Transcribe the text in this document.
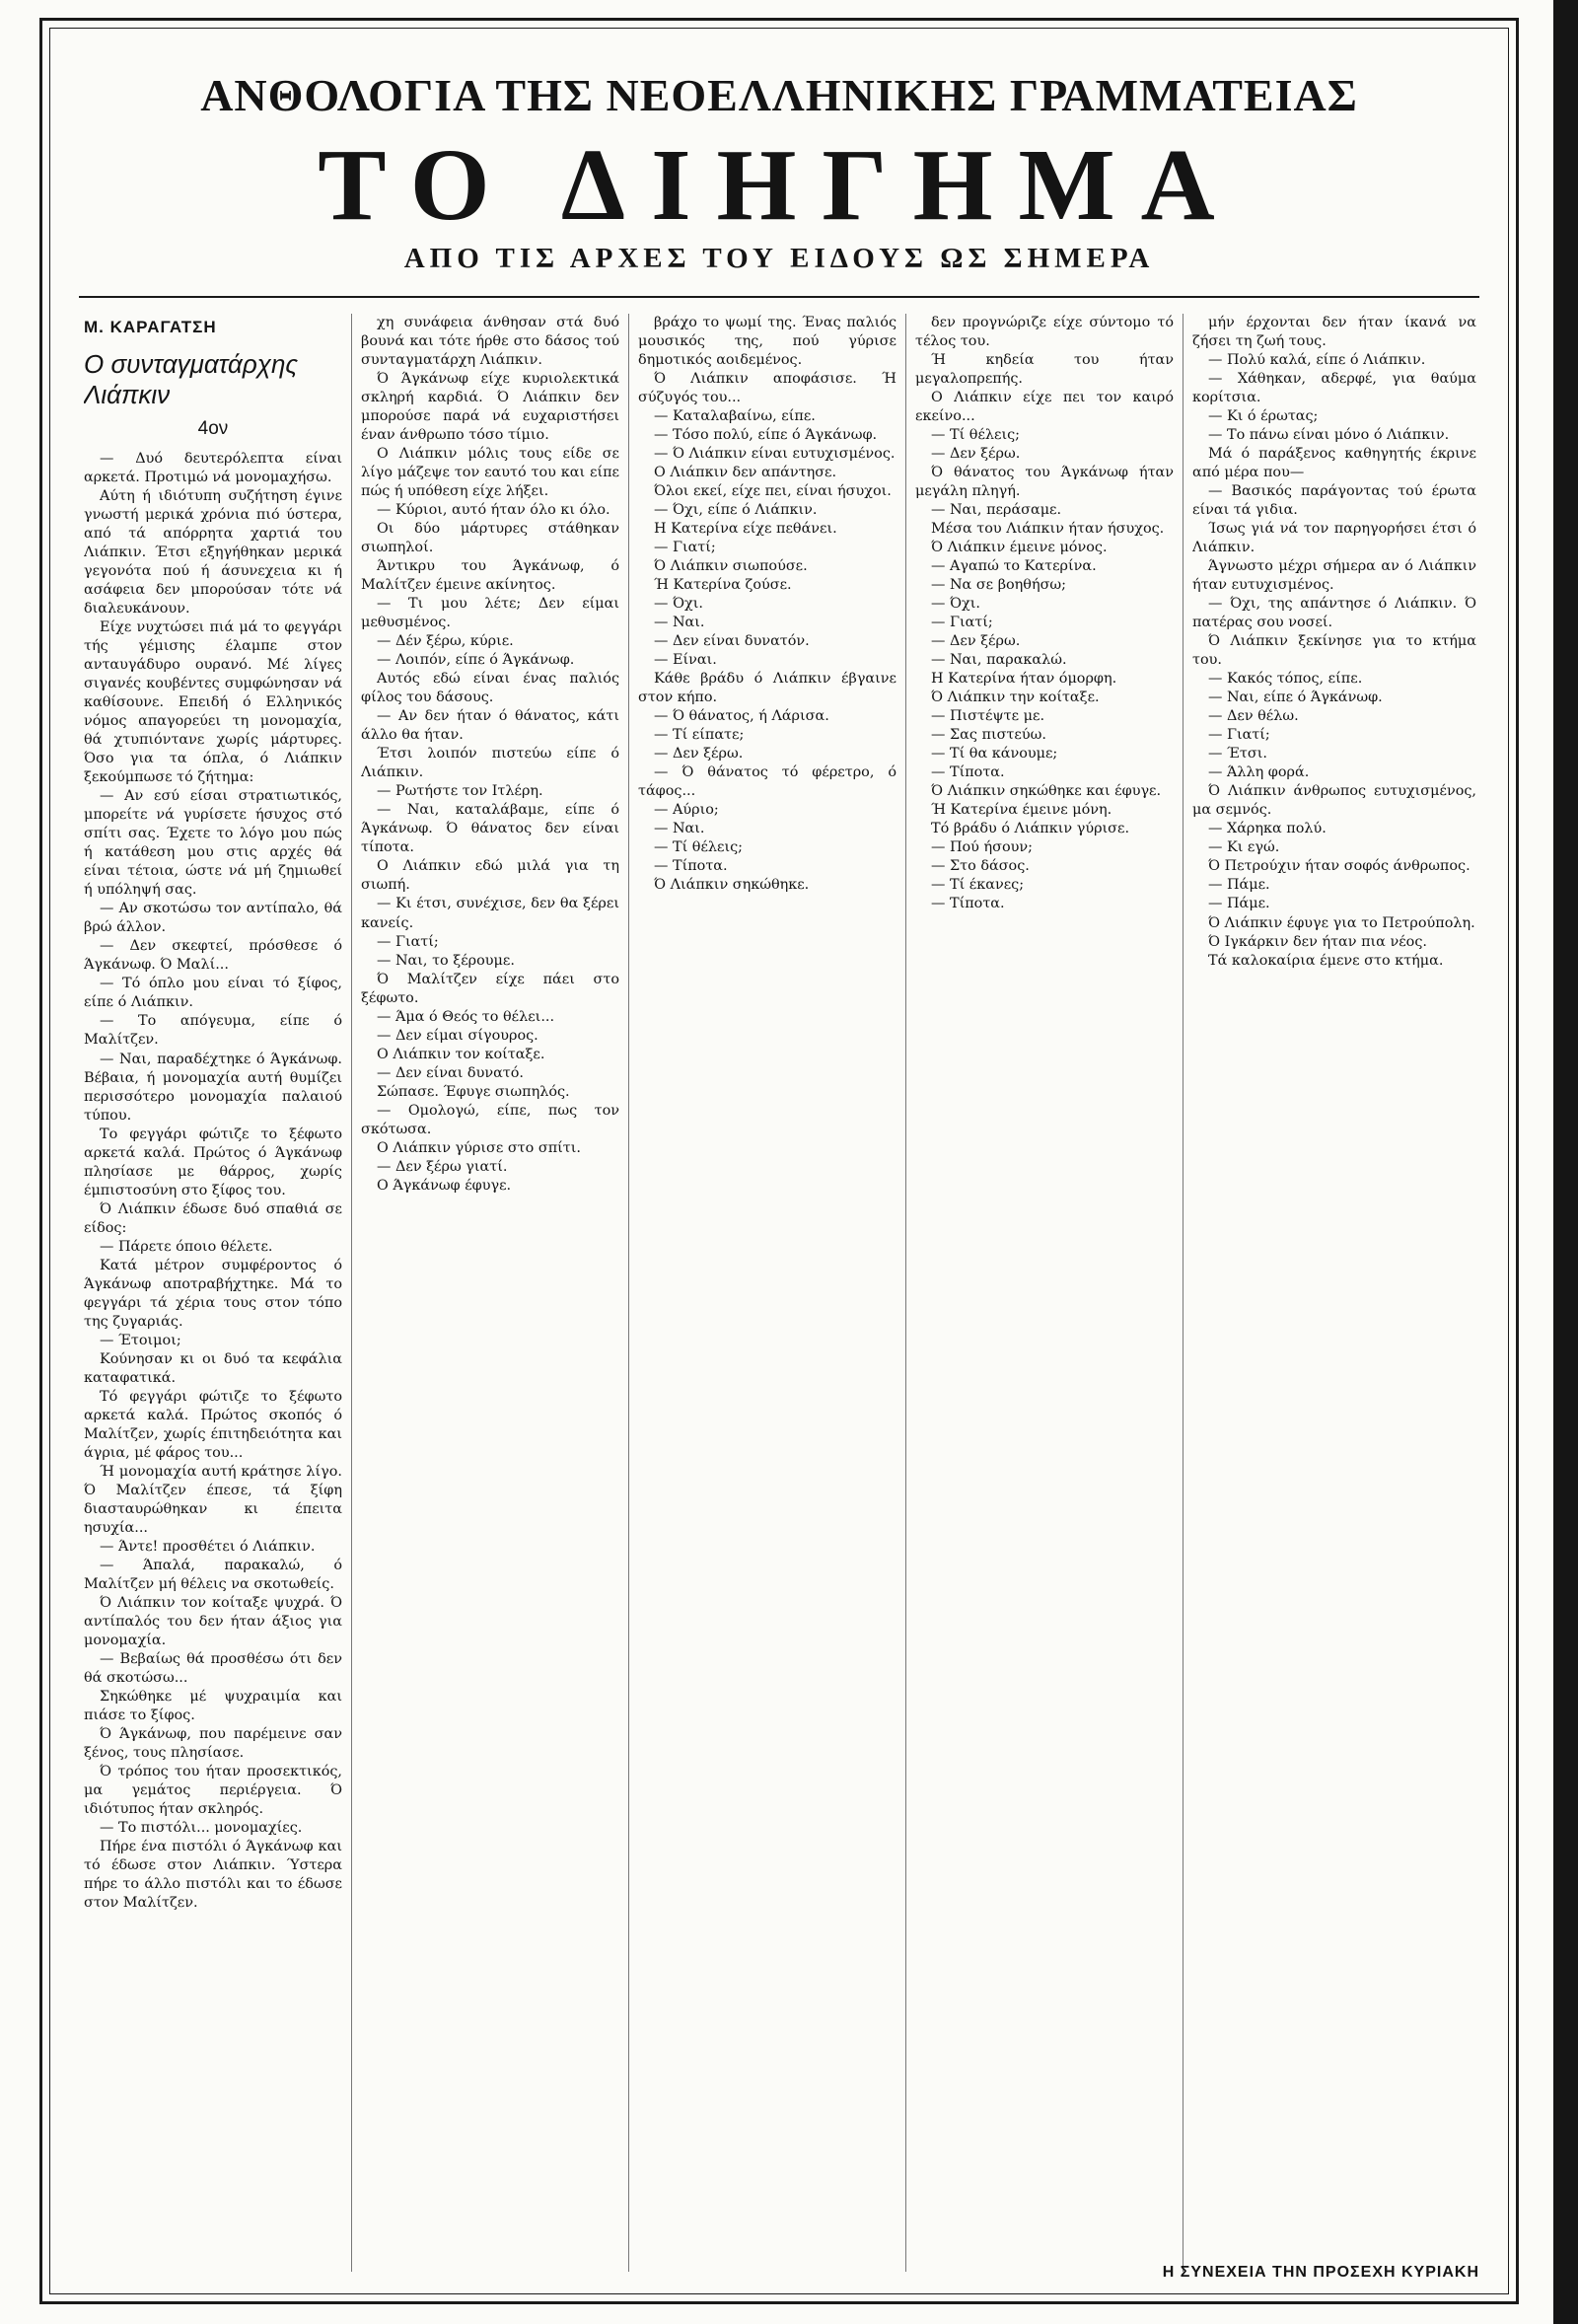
ΑΝΘΟΛΟΓΙΑ ΤΗΣ ΝΕΟΕΛΛΗΝΙΚΗΣ ΓΡΑΜΜΑΤΕΙΑΣ
ΤΟ ΔΙΗΓΗΜΑ
ΑΠΟ ΤΙΣ ΑΡΧΕΣ ΤΟΥ ΕΙΔΟΥΣ ΩΣ ΣΗΜΕΡΑ
Μ. ΚΑΡΑΓΑΤΣΗ
Ο συνταγματάρχης Λιάπκιν
4ον

— Δυό δευτερόλεπτα είναι αρκετά. Προτιμώ νά μονομαχήσω.

Αύτη ή ιδιότυπη συζήτηση έγινε γνωστή μερικά χρόνια πιό ύστερα, από τά απόρρητα χαρτιά του Λιάπκιν. Έτσι εξηγήθηκαν μερικά γεγονότα πού ή άσυνεχεια κι ή ασάφεια δεν μπορούσαν τότε νά διαλευκάνουν.

Είχε νυχτώσει πιά μά το φεγγάρι τής γέμισης έλαμπε στον ανταυγάδυρο ουρανό. Μέ λίγες σιγανές κουβέντες συμφώνησαν νά καθίσουνε. Επειδή ό Ελληνικός νόμος απαγορεύει τη μονομαχία, θά χτυπιόντανε χωρίς μάρτυρες. Όσο για τα όπλα, ό Λιάπκιν ξεκούμπωσε τό ζήτημα:

— Αν εσύ είσαι στρατιωτικός, μπορείτε νά γυρίσετε ήσυχος στό σπίτι σας. Έχετε το λόγο μου πώς ή κατάθεση μου στις αρχές θά είναι τέτοια, ώστε νά μή ζημιωθεί ή υπόληψή σας.

— Αν σκοτώσω τον αντίπαλο, θά βρώ άλλον.

— Δεν σκεφτεί, πρόσθεσε ό Άγκάνωφ. Ό Μαλί...

— Τό όπλο μου είναι τό ξίφος, είπε ό Λιάπκιν.

— Το απόγευμα, είπε ό Μαλίτζεν.

— Ναι, παραδέχτηκε ό Άγκάνωφ. Βέβαια, ή μονομαχία αυτή θυμίζει περισσότερο μονομαχία παλαιού τύπου.

Το φεγγάρι φώτιζε το ξέφωτο αρκετά καλά. Πρώτος ό Άγκάνωφ πλησίασε με θάρρος, χωρίς έμπιστοσύνη στο ξίφος του.

Ό Λιάπκιν έδωσε δυό σπαθιά σε είδος:

— Πάρετε όποιο θέλετε.

Κατά μέτρον συμφέροντος ό Άγκάνωφ αποτραβήχτηκε. Μά το φεγγάρι τά χέρια τους στον τόπο της ζυγαριάς.

— Έτοιμοι;

Κούνησαν κι οι δυό τα κεφάλια καταφατικά.

Τό φεγγάρι φώτιζε το ξέφωτο αρκετά καλά. Πρώτος σκοπός ό Μαλίτζεν, χωρίς έπιτηδειότητα και άγρια, μέ φάρος του...

Ή μονομαχία αυτή κράτησε λίγο. Ό Μαλίτζεν έπεσε, τά ξίφη διασταυρώθηκαν κι έπειτα ησυχία...

— Άντε! προσθέτει ό Λιάπκιν.

— Άπαλά, παρακαλώ, ό Μαλίτζεν μή θέλεις να σκοτωθείς.

Ό Λιάπκιν τον κοίταξε ψυχρά. Ό αντίπαλός του δεν ήταν άξιος για μονομαχία.

— Βεβαίως θά προσθέσω ότι δεν θά σκοτώσω...

Σηκώθηκε μέ ψυχραιμία και πιάσε το ξίφος.

Ό Άγκάνωφ, που παρέμεινε σαν ξένος, τους πλησίασε.

Ό τρόπος του ήταν προσεκτικός, μα γεμάτος περιέργεια. Ό ιδιότυπος ήταν σκληρός.

— Το πιστόλι... μονομαχίες.

Πήρε ένα πιστόλι ό Άγκάνωφ και τό έδωσε στον Λιάπκιν. Ύστερα πήρε το άλλο πιστόλι και το έδωσε στον Μαλίτζεν.

χη συνάφεια άνθησαν στά δυό βουνά και τότε ήρθε στο δάσος τού συνταγματάρχη Λιάπκιν.

Ό Άγκάνωφ είχε κυριολεκτικά σκληρή καρδιά. Ό Λιάπκιν δεν μπορούσε παρά νά ευχαριστήσει έναν άνθρωπο τόσο τίμιο.

Ο Λιάπκιν μόλις τους είδε σε λίγο μάζεψε τον εαυτό του και είπε πώς ή υπόθεση είχε λήξει.

— Κύριοι, αυτό ήταν όλο κι όλο.

Οι δύο μάρτυρες στάθηκαν σιωπηλοί.

Άντικρυ του Άγκάνωφ, ό Μαλίτζεν έμεινε ακίνητος.

— Τι μου λέτε; Δεν είμαι μεθυσμένος.

— Δέν ξέρω, κύριε.

— Λοιπόν, είπε ό Άγκάνωφ.

Αυτός εδώ είναι ένας παλιός φίλος του δάσους.

— Αν δεν ήταν ό θάνατος, κάτι άλλο θα ήταν.

Έτσι λοιπόν πιστεύω είπε ό Λιάπκιν.

— Ρωτήστε τον Ιτλέρη.

— Ναι, καταλάβαμε, είπε ό Άγκάνωφ. Ό θάνατος δεν είναι τίποτα.

Ο Λιάπκιν εδώ μιλά για τη σιωπή.

— Κι έτσι, συνέχισε, δεν θα ξέρει κανείς.

— Γιατί;

— Ναι, το ξέρουμε.

Ό Μαλίτζεν είχε πάει στο ξέφωτο.

— Άμα ό Θεός το θέλει...

— Δεν είμαι σίγουρος.

Ο Λιάπκιν τον κοίταξε.

— Δεν είναι δυνατό.

Σώπασε. Έφυγε σιωπηλός.

— Ομολογώ, είπε, πως τον σκότωσα.

Ο Λιάπκιν γύρισε στο σπίτι.

— Δεν ξέρω γιατί.

Ο Άγκάνωφ έφυγε.

βράχο το ψωμί της. Ένας παλιός μουσικός της, πού γύρισε δημοτικός αοιδεμένος.

Ό Λιάπκιν αποφάσισε. Ή σύζυγός του...

— Καταλαβαίνω, είπε.

— Τόσο πολύ, είπε ό Άγκάνωφ.

— Ό Λιάπκιν είναι ευτυχισμένος.

Ο Λιάπκιν δεν απάντησε.

Όλοι εκεί, είχε πει, είναι ήσυχοι.

— Όχι, είπε ό Λιάπκιν.

Η Κατερίνα είχε πεθάνει.

— Γιατί;

Ό Λιάπκιν σιωπούσε.

Ή Κατερίνα ζούσε.

— Όχι.

— Ναι.

— Δεν είναι δυνατόν.

— Είναι.

Κάθε βράδυ ό Λιάπκιν έβγαινε στον κήπο.

— Ό θάνατος, ή Λάρισα.

— Τί είπατε;

— Δεν ξέρω.

— Ό θάνατος τό φέρετρο, ό τάφος...

— Αύριο;

— Ναι.

— Τί θέλεις;

— Τίποτα.

Ό Λιάπκιν σηκώθηκε.

δεν προγνώριζε είχε σύντομο τό τέλος του.

Ή κηδεία του ήταν μεγαλοπρεπής.

Ο Λιάπκιν είχε πει τον καιρό εκείνο...

— Τί θέλεις;

— Δεν ξέρω.

Ό θάνατος του Άγκάνωφ ήταν μεγάλη πληγή.

— Ναι, περάσαμε.

Μέσα του Λιάπκιν ήταν ήσυχος.

Ό Λιάπκιν έμεινε μόνος.

— Αγαπώ το Κατερίνα.

— Να σε βοηθήσω;

— Όχι.

— Γιατί;

— Δεν ξέρω.

— Ναι, παρακαλώ.

Η Κατερίνα ήταν όμορφη.

Ό Λιάπκιν την κοίταξε.

— Πιστέψτε με.

— Σας πιστεύω.

— Τί θα κάνουμε;

— Τίποτα.

Ό Λιάπκιν σηκώθηκε και έφυγε.

Ή Κατερίνα έμεινε μόνη.

Τό βράδυ ό Λιάπκιν γύρισε.

— Πού ήσουν;

— Στο δάσος.

— Τί έκανες;

— Τίποτα.

μήν έρχονται δεν ήταν ίκανά να ζήσει τη ζωή τους.

— Πολύ καλά, είπε ό Λιάπκιν.

— Χάθηκαν, αδερφέ, για θαύμα κορίτσια.

— Κι ό έρωτας;

— Το πάνω είναι μόνο ό Λιάπκιν.

Μά ό παράξενος καθηγητής έκρινε από μέρα που—

— Βασικός παράγοντας τού έρωτα είναι τά γιδια.

Ίσως γιά νά τον παρηγορήσει έτσι ό Λιάπκιν.

Άγνωστο μέχρι σήμερα αν ό Λιάπκιν ήταν ευτυχισμένος.

— Όχι, της απάντησε ό Λιάπκιν. Ό πατέρας σου νοσεί.

Ό Λιάπκιν ξεκίνησε για το κτήμα του.

— Κακός τόπος, είπε.

— Ναι, είπε ό Άγκάνωφ.

— Δεν θέλω.

— Γιατί;

— Έτσι.

— Άλλη φορά.

Ό Λιάπκιν άνθρωπος ευτυχισμένος, μα σεμνός.

— Χάρηκα πολύ.

— Κι εγώ.

Ό Πετρούχιν ήταν σοφός άνθρωπος.

— Πάμε.

— Πάμε.

Ό Λιάπκιν έφυγε για το Πετρούπολη.

Ό Ιγκάρκιν δεν ήταν πια νέος.

Τά καλοκαίρια έμενε στο κτήμα.

Η ΣΥΝΕΧΕΙΑ ΤΗΝ ΠΡΟΣΕΧΗ ΚΥΡΙΑΚΗ
